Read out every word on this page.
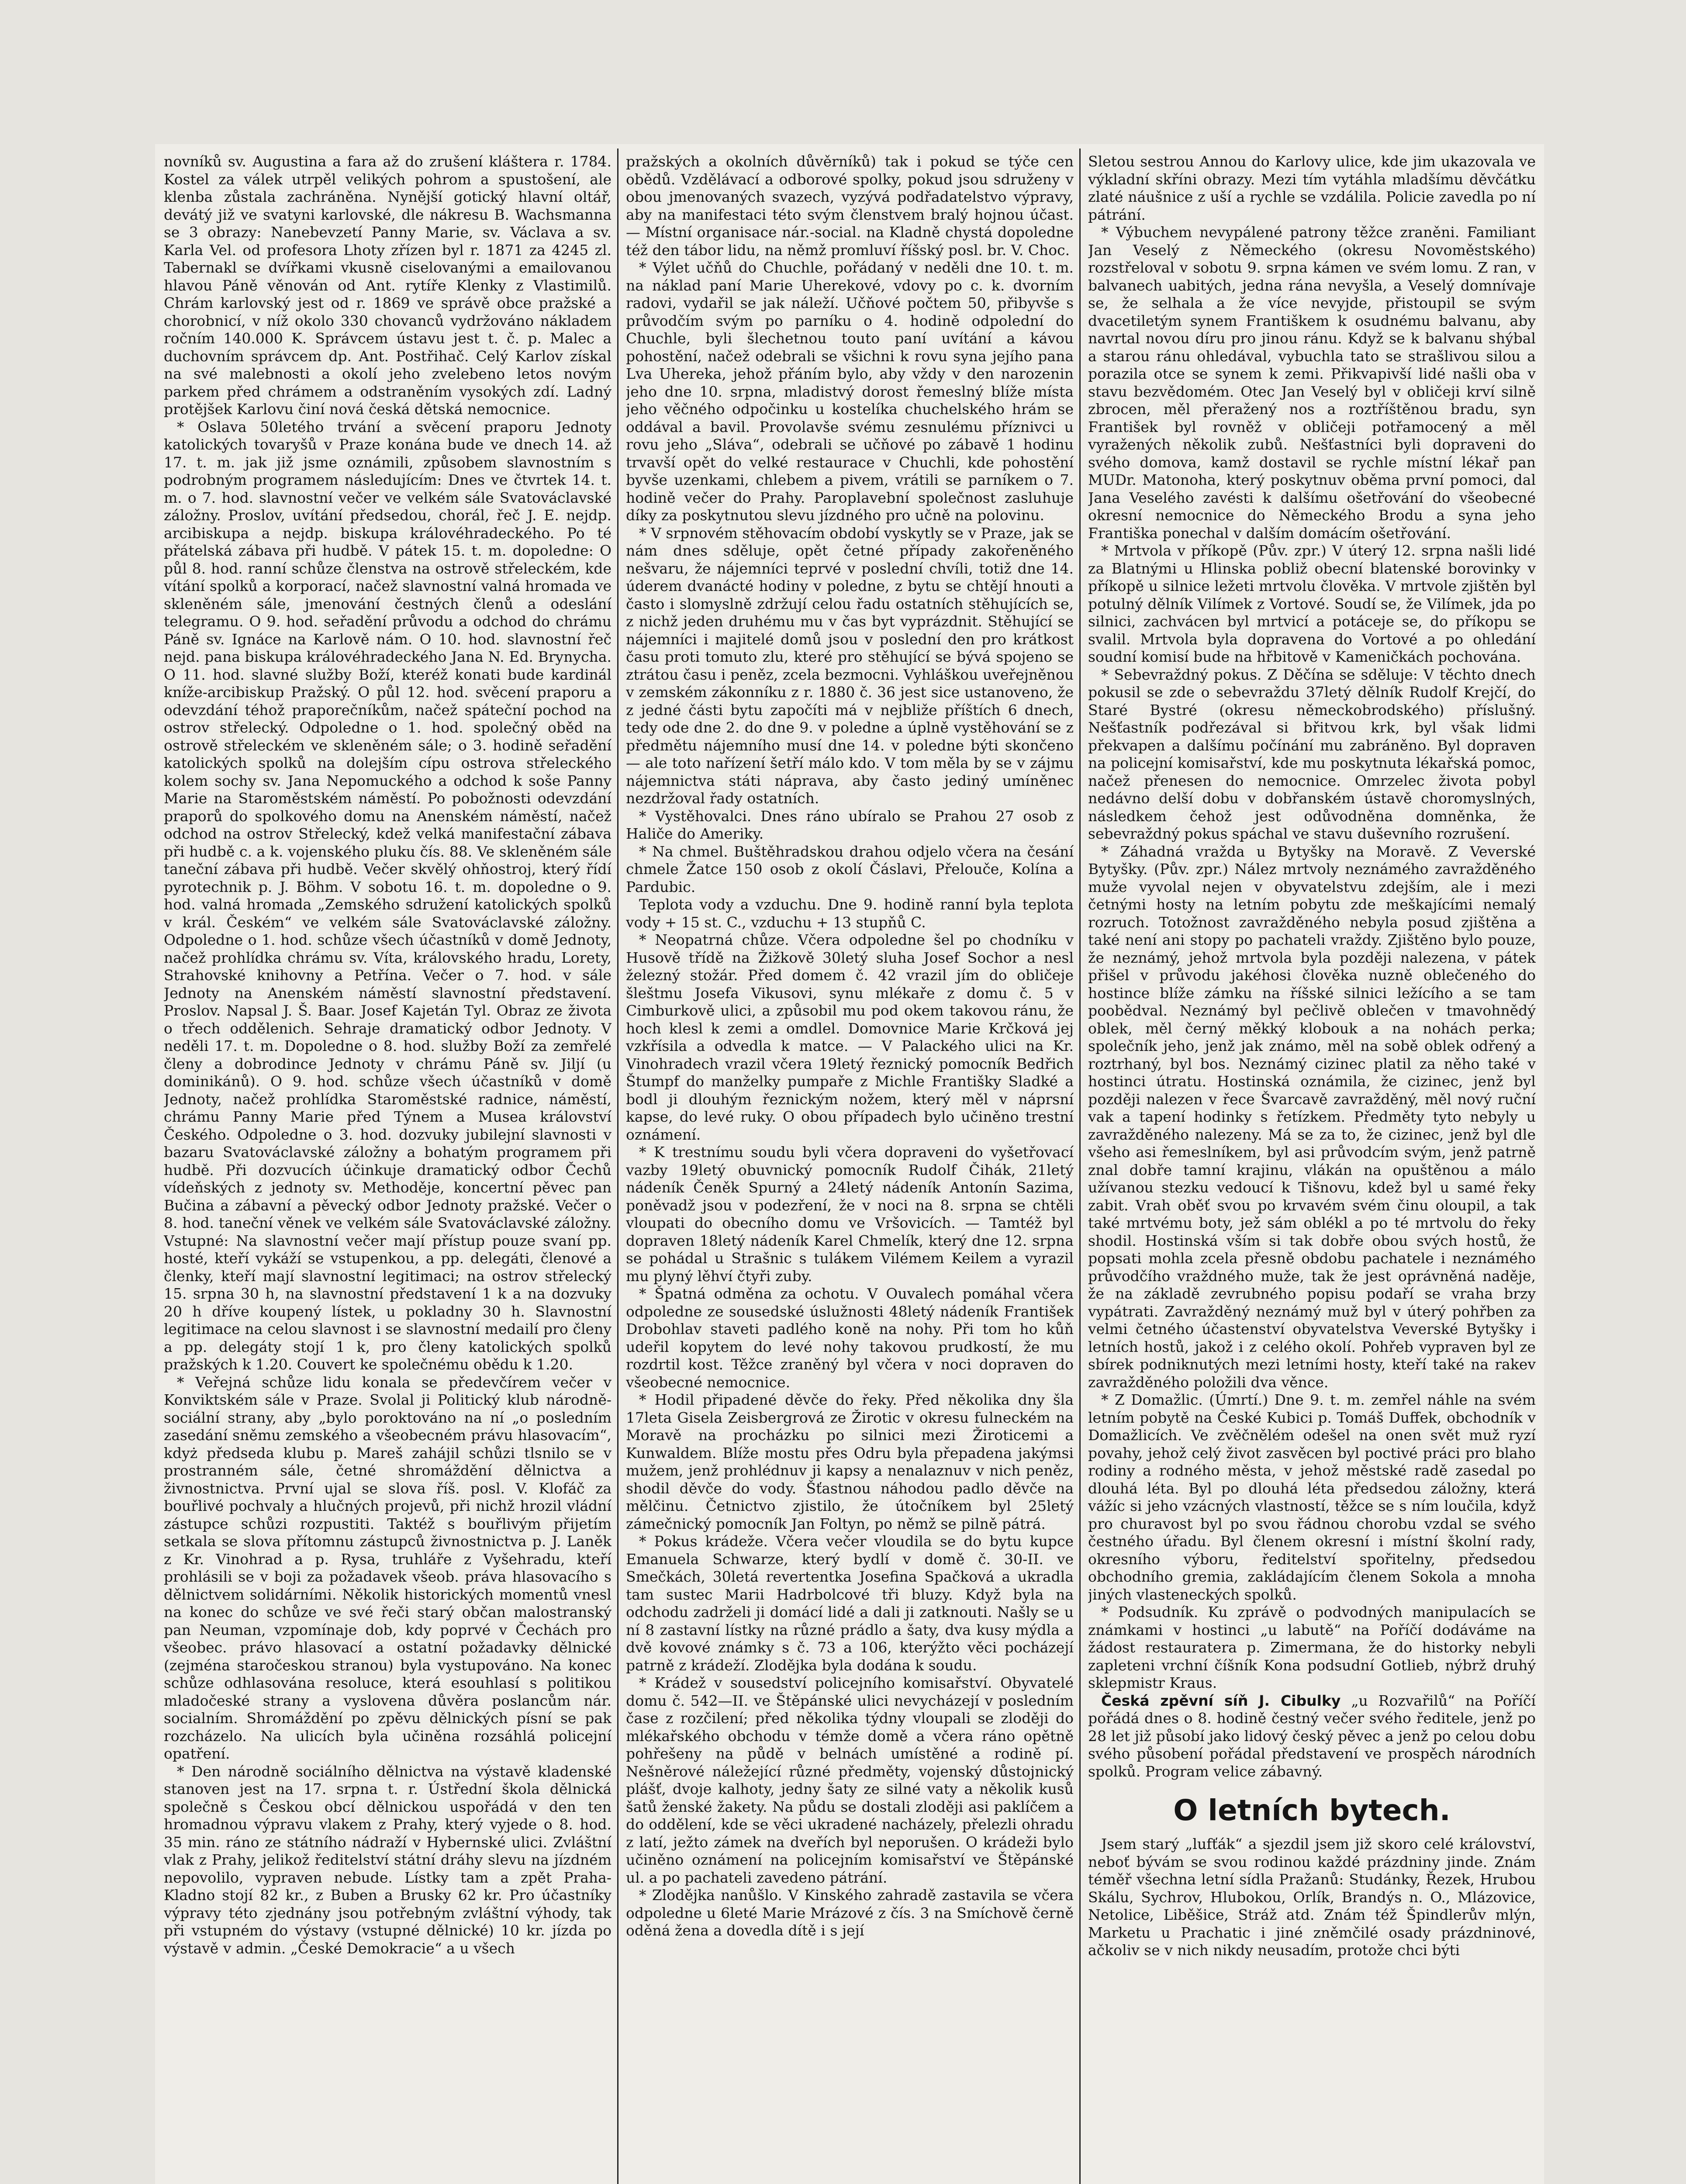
novníků sv. Augustina a fara až do zrušení kláštera r. 1784. Kostel za válek utrpěl velikých pohrom a spustošení, ale klenba zůstala zachráněna. Nynější gotický hlavní oltář, devátý již ve svatyni karlovské, dle nákresu B. Wachsmanna se 3 obrazy: Nanebevzetí Panny Marie, sv. Václava a sv. Karla Vel. od profesora Lhoty zřízen byl r. 1871 za 4245 zl. Tabernakl se dvířkami vkusně ciselovanými a emailovanou hlavou Páně věnován od Ant. rytíře Klenky z Vlastimilů. Chrám karlovský jest od r. 1869 ve správě obce pražské a chorobnicí, v níž okolo 330 chovanců vydržováno nákladem ročním 140.000 K. Správcem ústavu jest t. č. p. Malec a duchovním správcem dp. Ant. Postřihač. Celý Karlov získal na své malebnosti a okolí jeho zvelebeno letos novým parkem před chrámem a odstraněním vysokých zdí. Ladný protějšek Karlovu činí nová česká dětská nemocnice.

* Oslava 50letého trvání a svěcení praporu Jednoty katolických tovaryšů v Praze konána bude ve dnech 14. až 17. t. m. jak již jsme oznámili, způsobem slavnostním s podrobným programem následujícím: Dnes ve čtvrtek 14. t. m. o 7. hod. slavnostní večer ve velkém sále Svatováclavské záložny. Proslov, uvítání předsedou, chorál, řeč J. E. nejdp. arcibiskupa a nejdp. biskupa královéhradeckého. Po té přátelská zábava při hudbě. V pátek 15. t. m. dopoledne: O půl 8. hod. ranní schůze členstva na ostrově střeleckém, kde vítání spolků a korporací, načež slavnostní valná hromada ve skleněném sále, jmenování čestných členů a odeslání telegramu. O 9. hod. seřadění průvodu a odchod do chrámu Páně sv. Ignáce na Karlově nám. O 10. hod. slavnostní řeč nejd. pana biskupa královéhradeckého Jana N. Ed. Brynycha. O 11. hod. slavné služby Boží, kteréž konati bude kardinál kníže-arcibiskup Pražský. O půl 12. hod. svěcení praporu a odevzdání téhož praporečníkům, načež spáteční pochod na ostrov střelecký. Odpoledne o 1. hod. společný oběd na ostrově střeleckém ve skleněném sále; o 3. hodině seřadění katolických spolků na dolejším cípu ostrova střeleckého kolem sochy sv. Jana Nepomuckého a odchod k soše Panny Marie na Staroměstském náměstí. Po pobožnosti odevzdání praporů do spolkového domu na Anenském náměstí, načež odchod na ostrov Střelecký, kdež velká manifestační zábava při hudbě c. a k. vojenského pluku čís. 88. Ve skleněném sále taneční zábava při hudbě. Večer skvělý ohňostroj, který řídí pyrotechnik p. J. Böhm. V sobotu 16. t. m. dopoledne o 9. hod. valná hromada „Zemského sdružení katolických spolků v král. Českém“ ve velkém sále Svatováclavské záložny. Odpoledne o 1. hod. schůze všech účastníků v domě Jednoty, načež prohlídka chrámu sv. Víta, královského hradu, Lorety, Strahovské knihovny a Petřína. Večer o 7. hod. v sále Jednoty na Anenském náměstí slavnostní představení. Proslov. Napsal J. Š. Baar. Josef Kajetán Tyl. Obraz ze života o třech oddělenich. Sehraje dramatický odbor Jednoty. V neděli 17. t. m. Dopoledne o 8. hod. služby Boží za zemřelé členy a dobrodince Jednoty v chrámu Páně sv. Jiljí (u dominikánů). O 9. hod. schůze všech účastníků v domě Jednoty, načež prohlídka Staroměstské radnice, náměstí, chrámu Panny Marie před Týnem a Musea království Českého. Odpoledne o 3. hod. dozvuky jubilejní slavnosti v bazaru Svatováclavské záložny a bohatým programem při hudbě. Při dozvucích účinkuje dramatický odbor Čechů vídeňských z jednoty sv. Methoděje, koncertní pěvec pan Bučina a zábavní a pěvecký odbor Jednoty pražské. Večer o 8. hod. taneční věnek ve velkém sále Svatováclavské záložny. Vstupné: Na slavnostní večer mají přístup pouze svaní pp. hosté, kteří vykáží se vstupenkou, a pp. delegáti, členové a členky, kteří mají slavnostní legitimaci; na ostrov střelecký 15. srpna 30 h, na slavnostní představení 1 k a na dozvuky 20 h dříve koupený lístek, u pokladny 30 h. Slavnostní legitimace na celou slavnost i se slavnostní medailí pro členy a pp. delegáty stojí 1 k, pro členy katolických spolků pražských k 1.20. Couvert ke společnému obědu k 1.20.

* Veřejná schůze lidu konala se předevčírem večer v Konviktském sále v Praze. Svolal ji Politický klub národně-sociální strany, aby „bylo poroktováno na ní „o posledním zasedání sněmu zemského a všeobecném právu hlasovacím“, kdyż předseda klubu p. Mareš zahájil schůzi tlsnilo se v prostranném sále, četné shromáždění dělnictva a živnostnictva. První ujal se slova říš. posl. V. Klofáč za bouřlivé pochvaly a hlučných projevů, při nichž hrozil vládní zástupce schůzi rozpustiti. Taktéž s bouřlivým přijetím setkala se slova přítomnu zástupců živnostnictva p. J. Laněk z Kr. Vinohrad a p. Rysa, truhláře z Vyšehradu, kteří prohlásili se v boji za požadavek všeob. práva hlasovacího s dělnictvem solidárními. Několik historických momentů vnesl na konec do schůze ve své řeči starý občan malostranský pan Neuman, vzpomínaje dob, kdy poprvé v Čechách pro všeobec. právo hlasovací a ostatní požadavky dělnické (zejména staročeskou stranou) byla vystupováno. Na konec schůze odhlasována resoluce, která esouhlasí s politikou mladočeské strany a vyslovena důvěra poslancům nár. socialním. Shromáždění po zpěvu dělnických písní se pak rozcházelo. Na ulicích byla učiněna rozsáhlá policejní opatření.

* Den národně sociálního dělnictva na výstavě kladenské stanoven jest na 17. srpna t. r. Ústřední škola dělnická společně s Českou obcí dělnickou uspořádá v den ten hromadnou výpravu vlakem z Prahy, který vyjede o 8. hod. 35 min. ráno ze státního nádraží v Hybernské ulici. Zvláštní vlak z Prahy, jelikož ředitelství státní dráhy slevu na jízdném nepovolilo, vypraven nebude. Lístky tam a zpět Praha-Kladno stojí 82 kr., z Buben a Brusky 62 kr. Pro účastníky výpravy této zjednány jsou potřebným zvláštní výhody, tak při vstupném do výstavy (vstupné dělnické) 10 kr. jízda po výstavě v admin. „České Demokracie“ a u všech

pražských a okolních důvěrníků) tak i pokud se týče cen obědů. Vzdělávací a odborové spolky, pokud jsou sdruženy v obou jmenovaných svazech, vyzývá podřadatelstvo výpravy, aby na manifestaci této svým členstvem bralý hojnou účast. — Místní organisace nár.-social. na Kladně chystá dopoledne též den tábor lidu, na němž promluví říšský posl. br. V. Choc.

* Výlet učňů do Chuchle, pořádaný v neděli dne 10. t. m. na náklad paní Marie Uherekové, vdovy po c. k. dvorním radovi, vydařil se jak náleží. Učňové počtem 50, přibyvše s průvodčím svým po parníku o 4. hodině odpolední do Chuchle, byli šlechetnou touto paní uvítání a kávou pohostění, načež odebrali se všichni k rovu syna jejího pana Lva Uhereka, jehož přáním bylo, aby vždy v den narozenin jeho dne 10. srpna, mladistvý dorost řemeslný blíže místa jeho věčného odpočinku u kostelíka chuchelského hrám se oddával a bavil. Provolavše svému zesnulému příznivci u rovu jeho „Sláva“, odebrali se učňové po zábavě 1 hodinu trvavší opět do velké restaurace v Chuchli, kde pohostění byvše uzenkami, chlebem a pivem, vrátili se parníkem o 7. hodině večer do Prahy. Paroplavební společnost zasluhuje díky za poskytnutou slevu jízdného pro učně na polovinu.

* V srpnovém stěhovacím období vyskytly se v Praze, jak se nám dnes sděluje, opět četné případy zakořeněného nešvaru, že nájemníci teprvé v poslední chvíli, totiž dne 14. úderem dvanácté hodiny v poledne, z bytu se chtějí hnouti a často i slomyslně zdržují celou řadu ostatních stěhujících se, z nichž jeden druhému mu v čas byt vyprázdnit. Stěhující se nájemníci i majitelé domů jsou v poslední den pro krátkost času proti tomuto zlu, které pro stěhující se bývá spojeno se ztrátou času i peněz, zcela bezmocni. Vyhláškou uveřejněnou v zemském zákonníku z r. 1880 č. 36 jest sice ustanoveno, že z jedné části bytu započíti má v nejbliže příštích 6 dnech, tedy ode dne 2. do dne 9. v poledne a úplně vystěhování se z předmětu nájemního musí dne 14. v poledne býti skončeno — ale toto nařízení šetří málo kdo. V tom měla by se v zájmu nájemnictva státi náprava, aby často jediný umíněnec nezdržoval řady ostatních.

* Vystěhovalci. Dnes ráno ubíralo se Prahou 27 osob z Haliče do Ameriky.

* Na chmel. Buštěhradskou drahou odjelo včera na česání chmele Žatce 150 osob z okolí Čáslavi, Přelouče, Kolína a Pardubic.

Teplota vody a vzduchu. Dne 9. hodině ranní byla teplota vody + 15 st. C., vzduchu + 13 stupňů C.

* Neopatrná chůze. Včera odpoledne šel po chodníku v Husově třídě na Žižkově 30letý sluha Josef Sochor a nesl železný stožár. Před domem č. 42 vrazil jím do obličeje šleštmu Josefa Vikusovi, synu mlékaře z domu č. 5 v Cimburkově ulici, a způsobil mu pod okem takovou ránu, že hoch klesl k zemi a omdlel. Domovnice Marie Krčková jej vzkřísila a odvedla k matce. — V Palackého ulici na Kr. Vinohradech vrazil včera 19letý řeznický pomocník Bedřich Štumpf do manželky pumpaře z Michle Františky Sladké a bodl ji dlouhým řeznickým nožem, který měl v náprsní kapse, do levé ruky. O obou případech bylo učiněno trestní oznámení.

* K trestnímu soudu byli včera dopraveni do vyšetřovací vazby 19letý obuvnický pomocník Rudolf Čihák, 21letý nádeník Čeněk Spurný a 24letý nádeník Antonín Sazima, poněvadž jsou v podezření, že v noci na 8. srpna se chtěli vloupati do obecního domu ve Vršovicích. — Tamtéž byl dopraven 18letý nádeník Karel Chmelík, který dne 12. srpna se pohádal u Strašnic s tulákem Vilémem Keilem a vyrazil mu plyný lěhví čtyři zuby.

* Špatná odměna za ochotu. V Ouvalech pomáhal včera odpoledne ze sousedské úslužnosti 48letý nádeník František Drobohlav staveti padlého koně na nohy. Při tom ho kůň udeřil kopytem do levé nohy takovou prudkostí, že mu rozdrtil kost. Těžce zraněný byl včera v noci dopraven do všeobecné nemocnice.

* Hodil připadené děvče do řeky. Před několika dny šla 17leta Gisela Zeisbergrová ze Žirotic v okresu fulneckém na Moravě na procházku po silnici mezi Žiroticemi a Kunwaldem. Blíže mostu přes Odru byla přepadena jakýmsi mužem, jenž prohlédnuv ji kapsy a nenalaznuv v nich peněz, shodil děvče do vody. Šťastnou náhodou padlo děvče na mělčinu. Četnictvo zjistilo, že útočníkem byl 25letý zámečnický pomocník Jan Foltyn, po němž se pilně pátrá.

* Pokus krádeže. Včera večer vloudila se do bytu kupce Emanuela Schwarze, který bydlí v domě č. 30-II. ve Smečkách, 30letá revertentka Josefina Spačková a ukradla tam sustec Marii Hadrbolcové tři bluzy. Když byla na odchodu zadrželi ji domácí lidé a dali ji zatknouti. Našly se u ní 8 zastavní lístky na různé prádlo a šaty, dva kusy mýdla a dvě kovové známky s č. 73 a 106, kterýžto věci pocházejí patrně z krádeží. Zlodějka byla dodána k soudu.

* Krádež v sousedství policejního komisařství. Obyvatelé domu č. 542—II. ve Štěpánské ulici nevycházejí v posledním čase z rozčilení; před několika týdny vloupali se zloději do mlékařského obchodu v témže domě a včera ráno opětně pohřešeny na půdě v belnách umístěné a rodině pí. Nešněrové náležející různé předměty, vojenský důstojnický plášť, dvoje kalhoty, jedny šaty ze silné vaty a několik kusů šatů ženské žakety. Na půdu se dostali zloději asi paklíčem a do oddělení, kde se věci ukradené nacházely, přelezli ohradu z latí, ježto zámek na dveřích byl neporušen. O krádeži bylo učiněno oznámení na policejním komisařství ve Štěpánské ul. a po pachateli zavedeno pátrání.

* Zlodějka nanůšlo. V Kinského zahradě zastavila se včera odpoledne u 6leté Marie Mrázové z čís. 3 na Smíchově černě oděná žena a dovedla dítě i s její

Sletou sestrou Annou do Karlovy ulice, kde jim ukazovala ve výkladní skříni obrazy. Mezi tím vytáhla mladšímu děvčátku zlaté náušnice z uší a rychle se vzdálila. Policie zavedla po ní pátrání.

* Výbuchem nevypálené patrony těžce zraněni. Familiant Jan Veselý z Německého (okresu Novoměstského) rozstřeloval v sobotu 9. srpna kámen ve svém lomu. Z ran, v balvanech uabitých, jedna rána nevyšla, a Veselý domnívaje se, že selhala a že více nevyjde, přistoupil se svým dvacetiletým synem Františkem k osudnému balvanu, aby navrtal novou díru pro jinou ránu. Když se k balvanu shýbal a starou ránu ohledával, vybuchla tato se strašlivou silou a porazila otce se synem k zemi. Přikvapivší lidé našli oba v stavu bezvědomém. Otec Jan Veselý byl v obličeji krví silně zbrocen, měl přeražený nos a roztříštěnou bradu, syn František byl rovněž v obličeji potřamocený a měl vyražených několik zubů. Nešťastníci byli dopraveni do svého domova, kamž dostavil se rychle místní lékař pan MUDr. Matonoha, který poskytnuv oběma první pomoci, dal Jana Veselého zavésti k dalšímu ošetřování do všeobecné okresní nemocnice do Německého Brodu a syna jeho Františka ponechal v dalším domácím ošetřování.

* Mrtvola v příkopě (Pův. zpr.) V úterý 12. srpna našli lidé za Blatnými u Hlinska pobliž obecní blatenské borovinky v příkopě u silnice ležeti mrtvolu člověka. V mrtvole zjištěn byl potulný dělník Vilímek z Vortové. Soudí se, že Vilímek, jda po silnici, zachvácen byl mrtvicí a potáceje se, do příkopu se svalil. Mrtvola byla dopravena do Vortové a po ohledání soudní komisí bude na hřbitově v Kameničkách pochována.

* Sebevraždný pokus. Z Děčína se sděluje: V těchto dnech pokusil se zde o sebevraždu 37letý dělník Rudolf Krejčí, do Staré Bystré (okresu německobrodského) příslušný. Nešťastník podřezával si břitvou krk, byl však lidmi překvapen a dalšímu počínání mu zabráněno. Byl dopraven na policejní komisařství, kde mu poskytnuta lékařská pomoc, načež přenesen do nemocnice. Omrzelec života pobyl nedávno delší dobu v dobřanském ústavě choromyslných, následkem čehož jest odůvodněna domněnka, že sebevraždný pokus spáchal ve stavu duševního rozrušení.

* Záhadná vražda u Bytyšky na Moravě. Z Veverské Bytyšky. (Pův. zpr.) Nález mrtvoly neznámého zavražděného muže vyvolal nejen v obyvatelstvu zdejším, ale i mezi četnými hosty na letním pobytu zde meškajícími nemalý rozruch. Totožnost zavražděného nebyla posud zjištěna a také není ani stopy po pachateli vraždy. Zjištěno bylo pouze, že neznámý, jehož mrtvola byla později nalezena, v pátek přišel v průvodu jakéhosi člověka nuzně oblečeného do hostince blíže zámku na říšské silnici ležícího a se tam poobědval. Neznámý byl pečlivě oblečen v tmavohnědý oblek, měl černý měkký klobouk a na nohách perka; společník jeho, jenž jak známo, měl na sobě oblek odřený a roztrhaný, byl bos. Neznámý cizinec platil za něho také v hostinci útratu. Hostinská oznámila, že cizinec, jenž byl později nalezen v řece Švarcavě zavražděný, měl nový ruční vak a tapení hodinky s řetízkem. Předměty tyto nebyly u zavražděného nalezeny. Má se za to, že cizinec, jenž byl dle všeho asi řemeslníkem, byl asi průvodcím svým, jenž patrně znal dobře tamní krajinu, vlákán na opuštěnou a málo užívanou stezku vedoucí k Tišnovu, kdež byl u samé řeky zabit. Vrah oběť svou po krvavém svém činu oloupil, a tak také mrtvému boty, jež sám oblékl a po té mrtvolu do řeky shodil. Hostinská vším si tak dobře obou svých hostů, že popsati mohla zcela přesně obdobu pachatele i neznámého průvodčího vraždného muže, tak že jest oprávněná naděje, že na základě zevrubného popisu podaří se vraha brzy vypátrati. Zavražděný neznámý muž byl v úterý pohřben za velmi četného účastenství obyvatelstva Veverské Bytyšky i letních hostů, jakož i z celého okolí. Pohřeb vypraven byl ze sbírek podniknutých mezi letními hosty, kteří také na rakev zavražděného položili dva věnce.

* Z Domažlic. (Úmrtí.) Dne 9. t. m. zemřel náhle na svém letním pobytě na České Kubici p. Tomáš Duffek, obchodník v Domažlicích. Ve zvěčnělém odešel na onen svět muž ryzí povahy, jehož celý život zasvěcen byl poctivé práci pro blaho rodiny a rodného města, v jehož městské radě zasedal po dlouhá léta. Byl po dlouhá léta předsedou záložny, která vážíc si jeho vzácných vlastností, těžce se s ním loučila, když pro churavost byl po svou řádnou chorobu vzdal se svého čestného úřadu. Byl členem okresní i místní školní rady, okresního výboru, ředitelství spořitelny, předsedou obchodního gremia, zakládajícím členem Sokola a mnoha jiných vlasteneckých spolků.

* Podsudník. Ku zprávě o podvodných manipulacích se známkami v hostinci „u labutě“ na Poříčí dodáváme na žádost restauratera p. Zimermana, že do historky nebyli zapleteni vrchní číšník Kona podsudní Gotlieb, nýbrž druhý sklepmistr Kraus.

Česká zpěvní síň J. Cibulky „u Rozvařilů“ na Poříčí pořádá dnes o 8. hodině čestný večer svého ředitele, jenž po 28 let již působí jako lidový český pěvec a jenž po celou dobu svého působení pořádal představení ve prospěch národních spolků. Program velice zábavný.

O letních bytech.

Jsem starý „lufťák“ a sjezdil jsem již skoro celé království, neboť bývám se svou rodinou každé prázdniny jinde. Znám téměř všechna letní sídla Pražanů: Studánky, Řezek, Hrubou Skálu, Sychrov, Hlubokou, Orlík, Brandýs n. O., Mlázovice, Netolice, Liběšice, Stráž atd. Znám též Špindlerův mlýn, Marketu u Prachatic i jiné zněmčilé osady prázdninové, ačkoliv se v nich nikdy neusadím, protože chci býti
